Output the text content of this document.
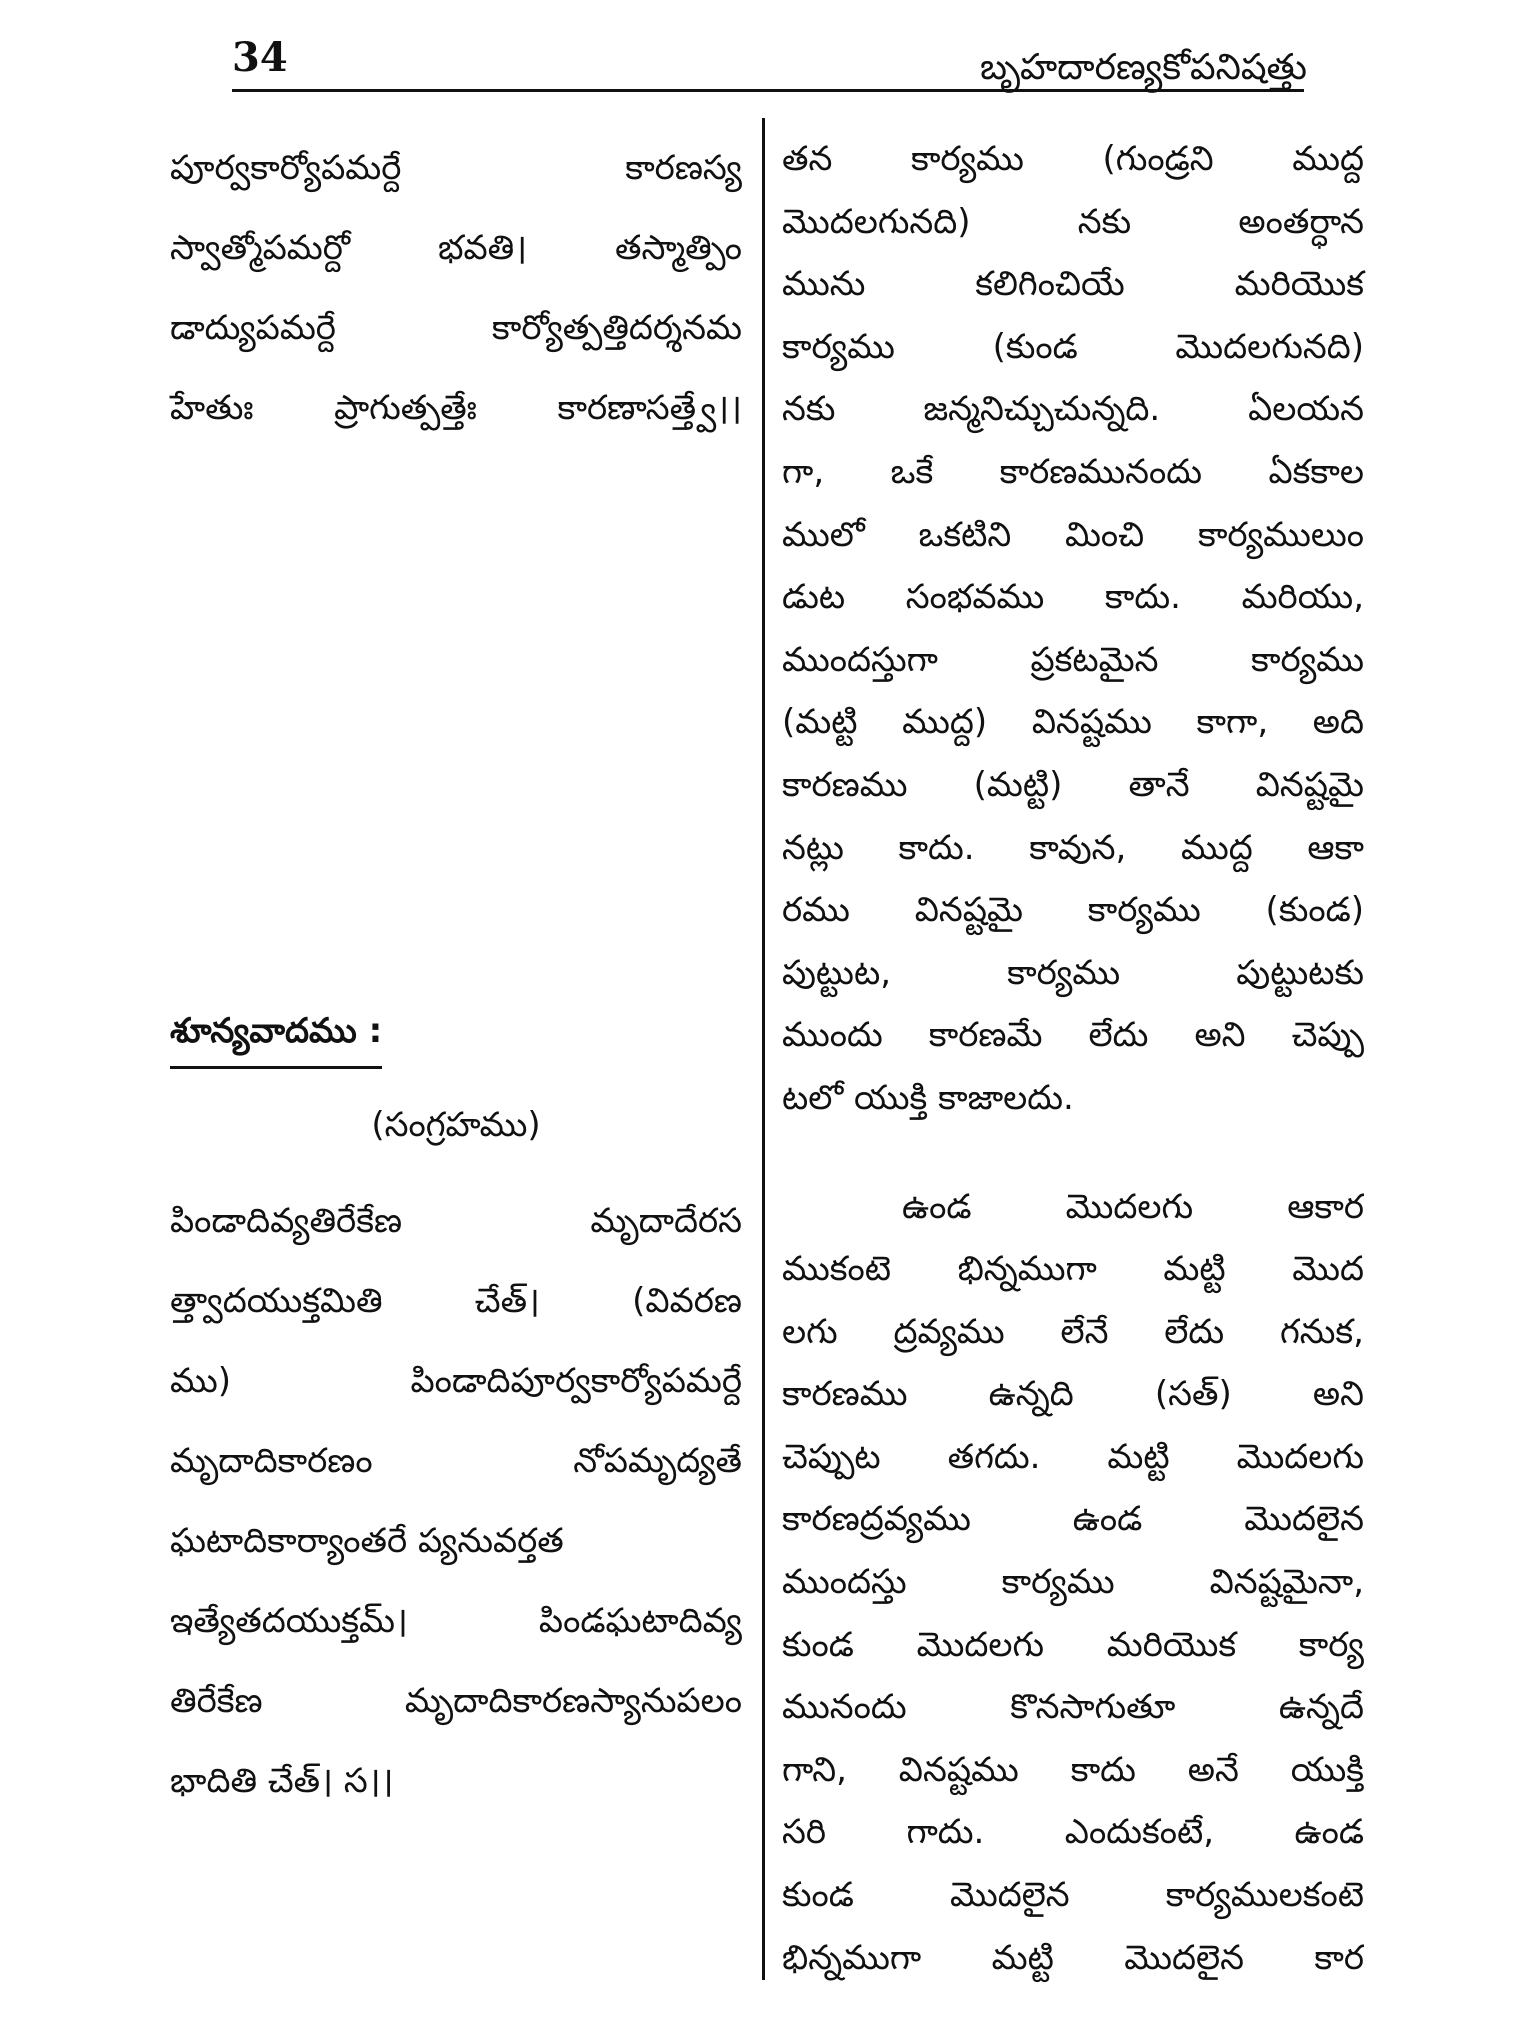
34	బృహదారణ్యకోపనిషత్తు
పూర్వకార్యోపమర్దే కారణస్య
స్వాత్మోపమర్దో భవతి। తస్మాత్పిం
డాద్యుపమర్దే కార్యోత్పత్తిదర్శనమ
హేతుః ప్రాగుత్పత్తేః కారణాసత్త్వే।।
శూన్యవాదము :
(సంగ్రహము)
పిండాదివ్యతిరేకేణ మృదాదేరస
త్త్వాదయుక్తమితి చేత్। (వివరణ
ము) పిండాదిపూర్వకార్యోపమర్దే
మృదాదికారణం నోపమృద్యతే
ఘటాదికార్యాంతరే ప్యనువర్తత
ఇత్యేతదయుక్తమ్। పిండఘటాదివ్య
తిరేకేణ మృదాదికారణస్యానుపలం
భాదితి చేత్। స।।
తన కార్యము (గుండ్రని ముద్ద
మొదలగునది) నకు అంతర్ధాన
మును కలిగించియే మరియొక
కార్యము (కుండ మొదలగునది)
నకు జన్మనిచ్చుచున్నది. ఏలయన
గా, ఒకే కారణమునందు ఏకకాల
ములో ఒకటిని మించి కార్యములుం
డుట సంభవము కాదు. మరియు,
ముందస్తుగా ప్రకటమైన కార్యము
(మట్టి ముద్ద) వినష్టము కాగా, అది
కారణము (మట్టి) తానే వినష్టమై
నట్లు కాదు. కావున, ముద్ద ఆకా
రము వినష్టమై కార్యము (కుండ)
పుట్టుట, కార్యము పుట్టుటకు
ముందు కారణమే లేదు అని చెప్పు
టలో యుక్తి కాజాలదు.
ఉండ మొదలగు ఆకార
ముకంటె భిన్నముగా మట్టి మొద
లగు ద్రవ్యము లేనే లేదు గనుక,
కారణము ఉన్నది (సత్) అని
చెప్పుట తగదు. మట్టి మొదలగు
కారణద్రవ్యము ఉండ మొదలైన
ముందస్తు కార్యము వినష్టమైనా,
కుండ మొదలగు మరియొక కార్య
మునందు కొనసాగుతూ ఉన్నదే
గాని, వినష్టము కాదు అనే యుక్తి
సరి గాదు. ఎందుకంటే, ఉండ
కుండ మొదలైన కార్యములకంటె
భిన్నముగా మట్టి మొదలైన కార
